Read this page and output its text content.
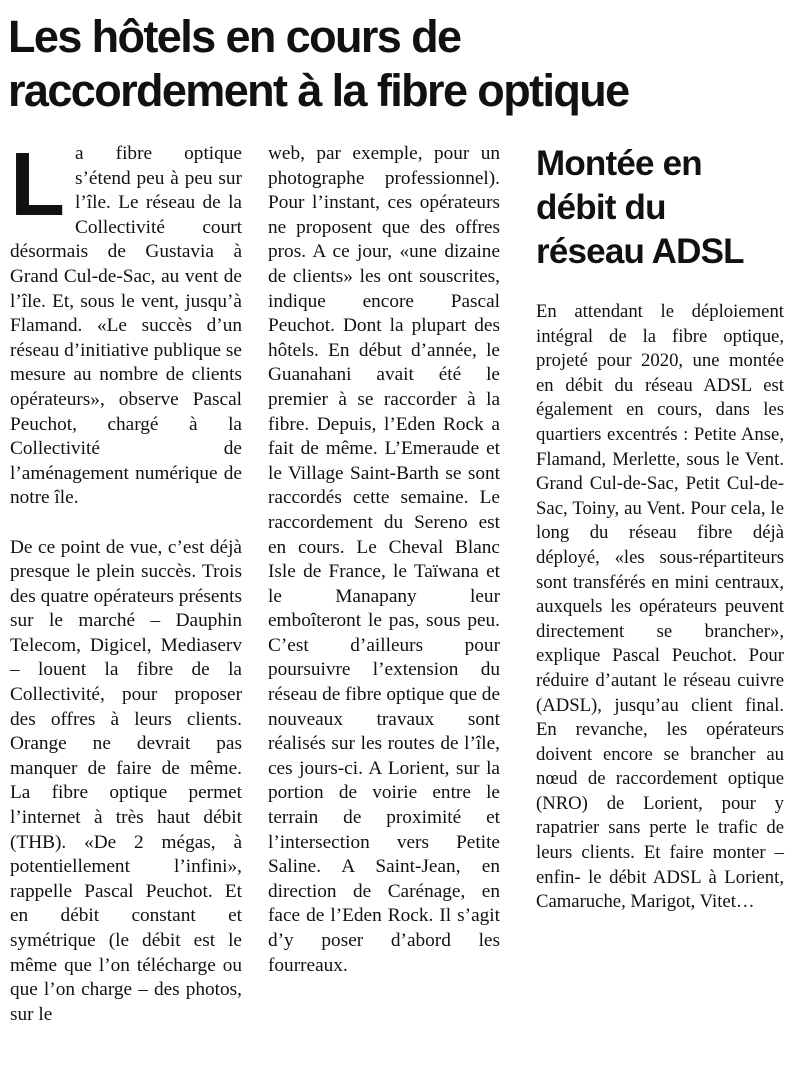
Les hôtels en cours de
raccordement à la fibre optique

La fibre optique s’étend peu à peu sur l’île. Le réseau de la Collectivité court désormais de Gustavia à Grand Cul-de-Sac, au vent de l’île. Et, sous le vent, jusqu’à Flamand. «Le succès d’un réseau d’initiative publique se mesure au nombre de clients opérateurs», observe Pascal Peuchot, chargé à la Collectivité de l’aménagement numérique de notre île.

De ce point de vue, c’est déjà presque le plein succès. Trois des quatre opérateurs présents sur le marché – Dauphin Telecom, Digicel, Mediaserv – louent la fibre de la Collectivité, pour proposer des offres à leurs clients. Orange ne devrait pas manquer de faire de même. La fibre optique permet l’internet à très haut débit (THB). «De 2 mégas, à potentiellement l’infini», rappelle Pascal Peuchot. Et en débit constant et symétrique (le débit est le même que l’on télécharge ou que l’on charge – des photos, sur le

web, par exemple, pour un photographe professionnel). Pour l’instant, ces opérateurs ne proposent que des offres pros. A ce jour, «une dizaine de clients» les ont souscrites, indique encore Pascal Peuchot. Dont la plupart des hôtels. En début d’année, le Guanahani avait été le premier à se raccorder à la fibre. Depuis, l’Eden Rock a fait de même. L’Emeraude et le Village Saint-Barth se sont raccordés cette semaine. Le raccordement du Sereno est en cours. Le Cheval Blanc Isle de France, le Taïwana et le Manapany leur emboîteront le pas, sous peu. C’est d’ailleurs pour poursuivre l’extension du réseau de fibre optique que de nouveaux travaux sont réalisés sur les routes de l’île, ces jours-ci. A Lorient, sur la portion de voirie entre le terrain de proximité et l’intersection vers Petite Saline. A Saint-Jean, en direction de Carénage, en face de l’Eden Rock. Il s’agit d’y poser d’abord les fourreaux.

Montée en
débit du
réseau ADSL

En attendant le déploiement intégral de la fibre optique, projeté pour 2020, une montée en débit du réseau ADSL est également en cours, dans les quartiers excentrés : Petite Anse, Flamand, Merlette, sous le Vent. Grand Cul-de-Sac, Petit Cul-de-Sac, Toiny, au Vent. Pour cela, le long du réseau fibre déjà déployé, «les sous-répartiteurs sont transférés en mini centraux, auxquels les opérateurs peuvent directement se brancher», explique Pascal Peuchot. Pour réduire d’autant le réseau cuivre (ADSL), jusqu’au client final. En revanche, les opérateurs doivent encore se brancher au nœud de raccordement optique (NRO) de Lorient, pour y rapatrier sans perte le trafic de leurs clients. Et faire monter – enfin- le débit ADSL à Lorient, Camaruche, Marigot, Vitet…
